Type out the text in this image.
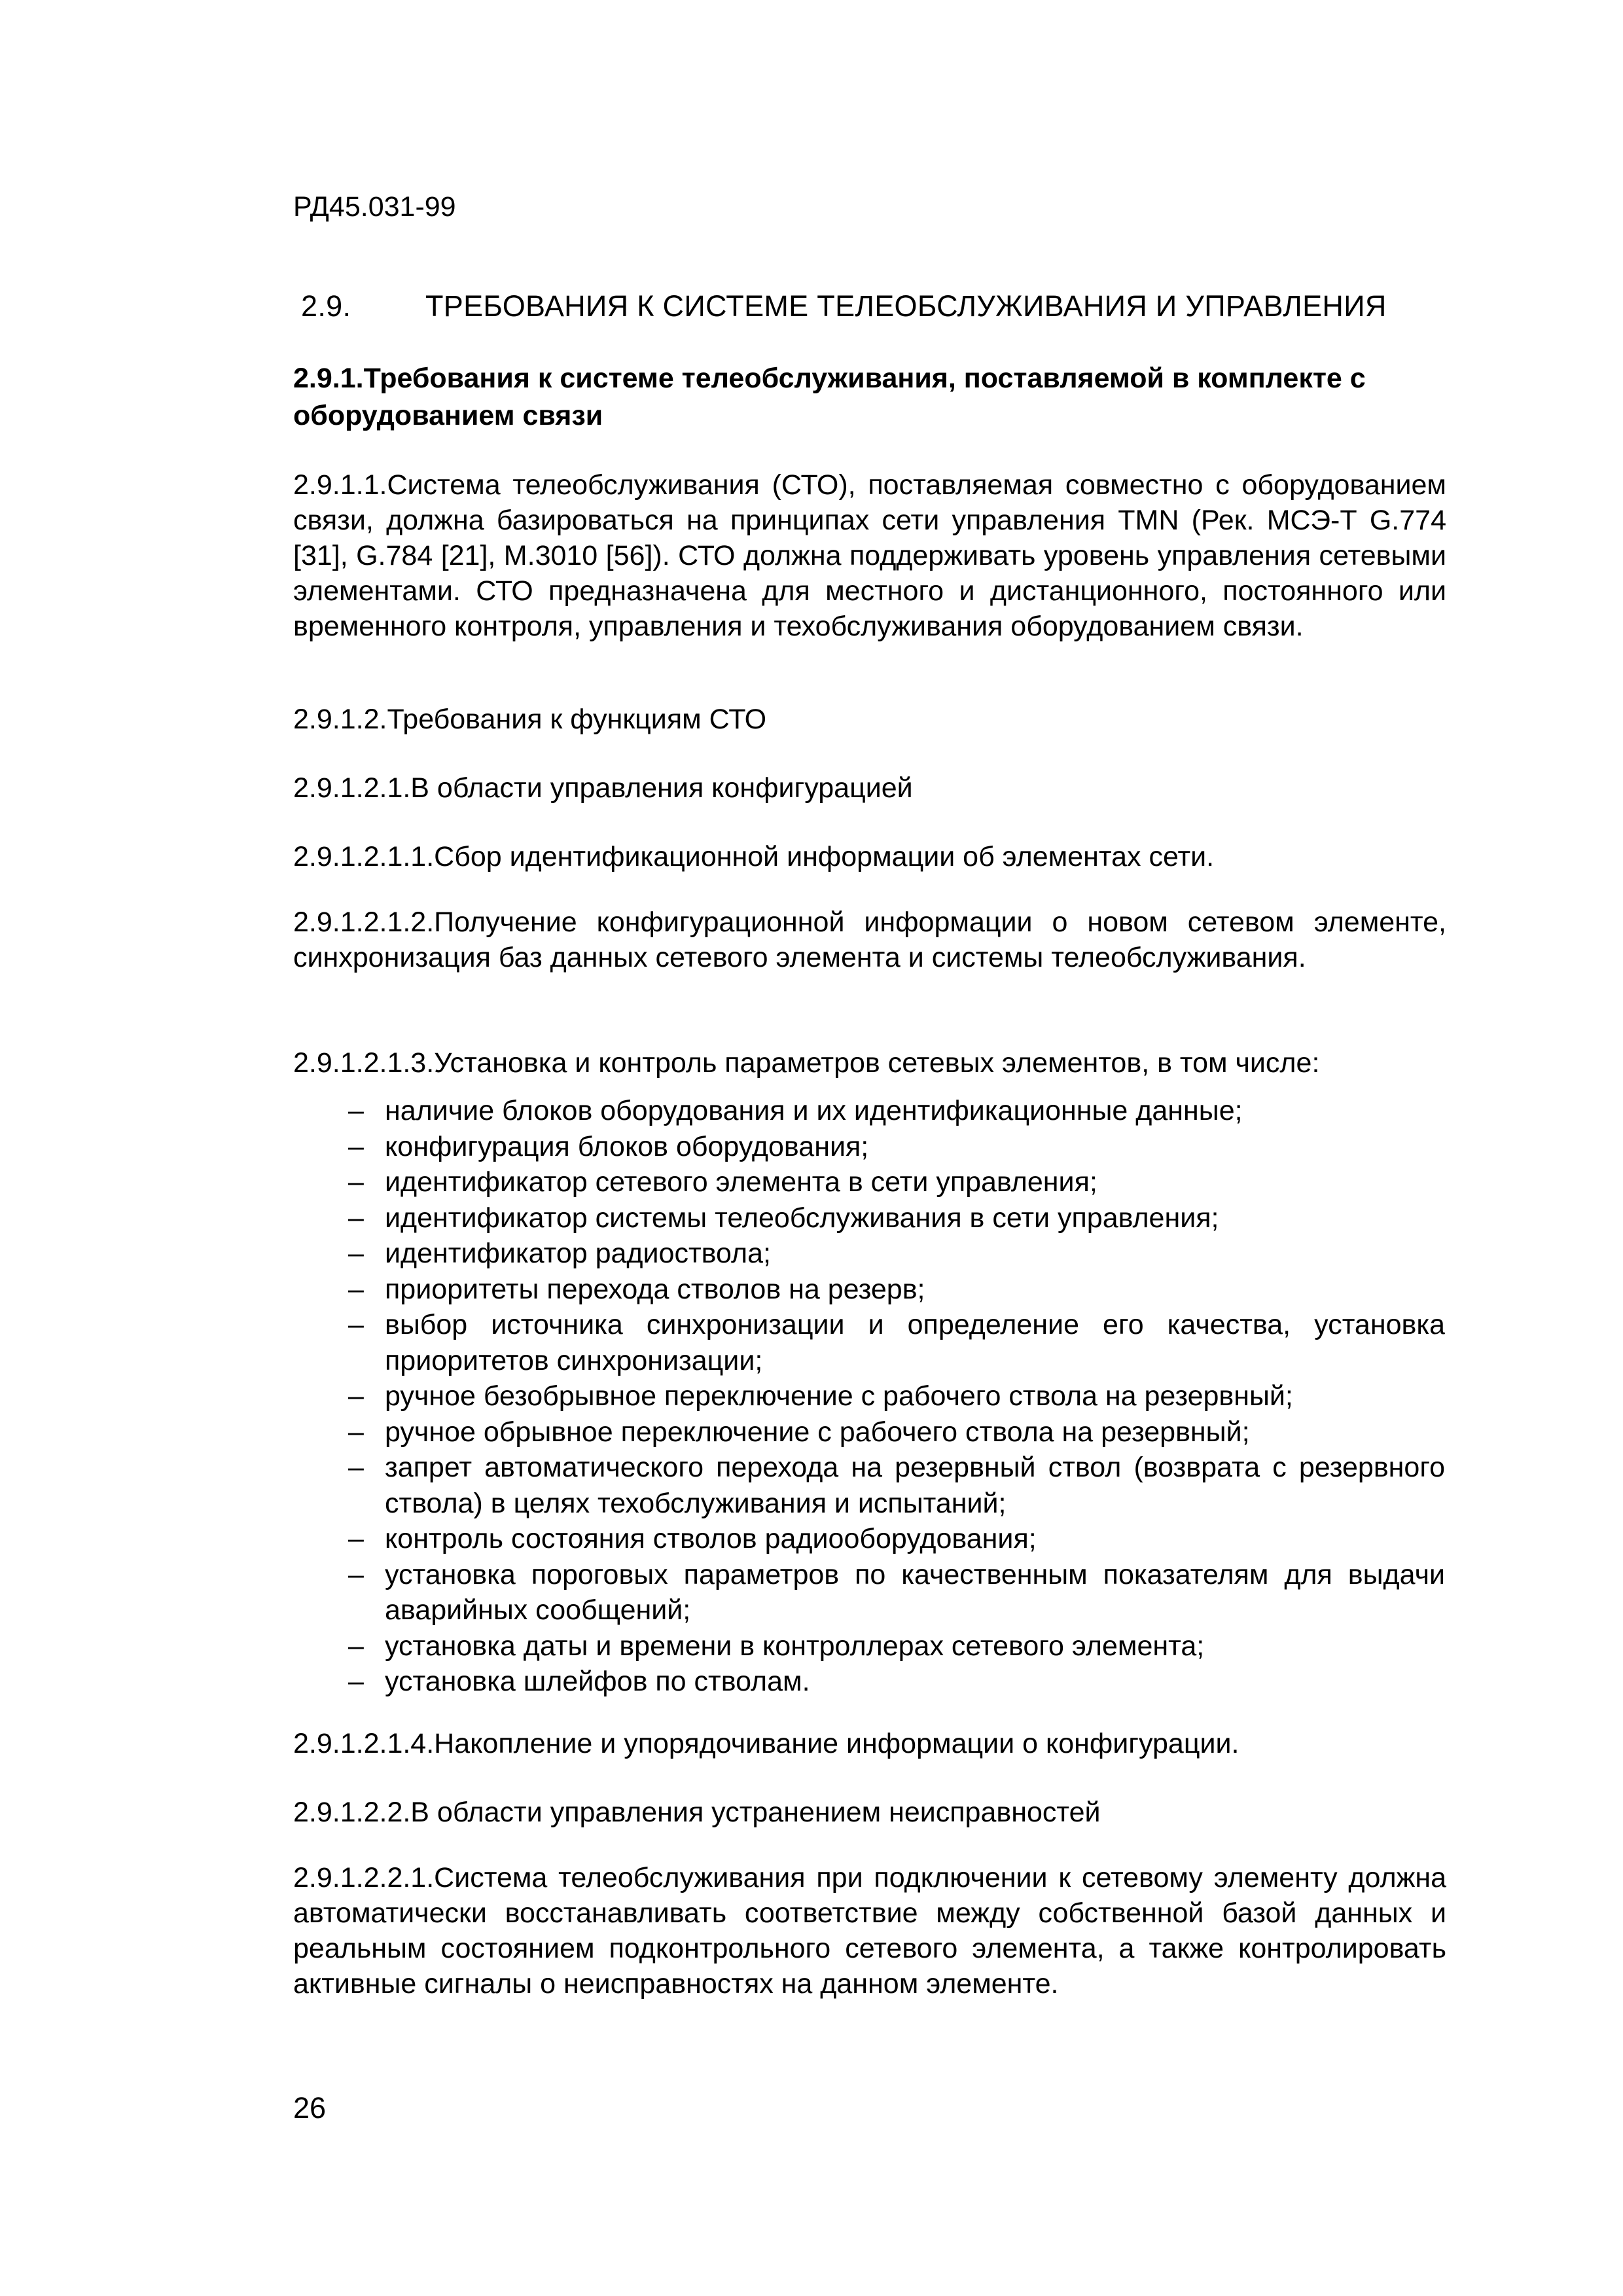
РД45.031-99
2.9.	ТРЕБОВАНИЯ К СИСТЕМЕ ТЕЛЕОБСЛУЖИВАНИЯ И УПРАВЛЕНИЯ
2.9.1.Требования к системе телеобслуживания, поставляемой в комплекте с оборудованием связи
2.9.1.1.Система телеобслуживания (СТО), поставляемая совместно с оборудованием связи, должна базироваться на принципах сети управления TMN (Рек. МСЭ-Т G.774 [31], G.784 [21], М.3010 [56]). СТО должна поддерживать уровень управления сетевыми элементами. СТО предназначена для местного и дистанционного, постоянного или временного контроля, управления и техобслуживания оборудованием связи.
2.9.1.2.Требования к функциям СТО
2.9.1.2.1.В области управления конфигурацией
2.9.1.2.1.1.Сбор идентификационной информации об элементах сети.
2.9.1.2.1.2.Получение конфигурационной информации о новом сетевом элементе, синхронизация баз данных сетевого элемента и системы телеобслуживания.
2.9.1.2.1.3.Установка и контроль параметров сетевых элементов, в том числе:
– наличие блоков оборудования и их идентификационные данные;
– конфигурация блоков оборудования;
– идентификатор сетевого элемента в сети управления;
– идентификатор системы телеобслуживания в сети управления;
– идентификатор радиоствола;
– приоритеты перехода стволов на резерв;
– выбор источника синхронизации и определение его качества, установка приоритетов синхронизации;
– ручное безобрывное переключение с рабочего ствола на резервный;
– ручное обрывное переключение с рабочего ствола на резервный;
– запрет автоматического перехода на резервный ствол (возврата с резервного ствола) в целях техобслуживания и испытаний;
– контроль состояния стволов радиооборудования;
– установка пороговых параметров по качественным показателям для выдачи аварийных сообщений;
– установка даты и времени в контроллерах сетевого элемента;
– установка шлейфов по стволам.
2.9.1.2.1.4.Накопление и упорядочивание информации о конфигурации.
2.9.1.2.2.В области управления устранением неисправностей
2.9.1.2.2.1.Система телеобслуживания при подключении к сетевому элементу должна автоматически восстанавливать соответствие между собственной базой данных и реальным состоянием подконтрольного сетевого элемента, а также контролировать активные сигналы о неисправностях на данном элементе.
26
